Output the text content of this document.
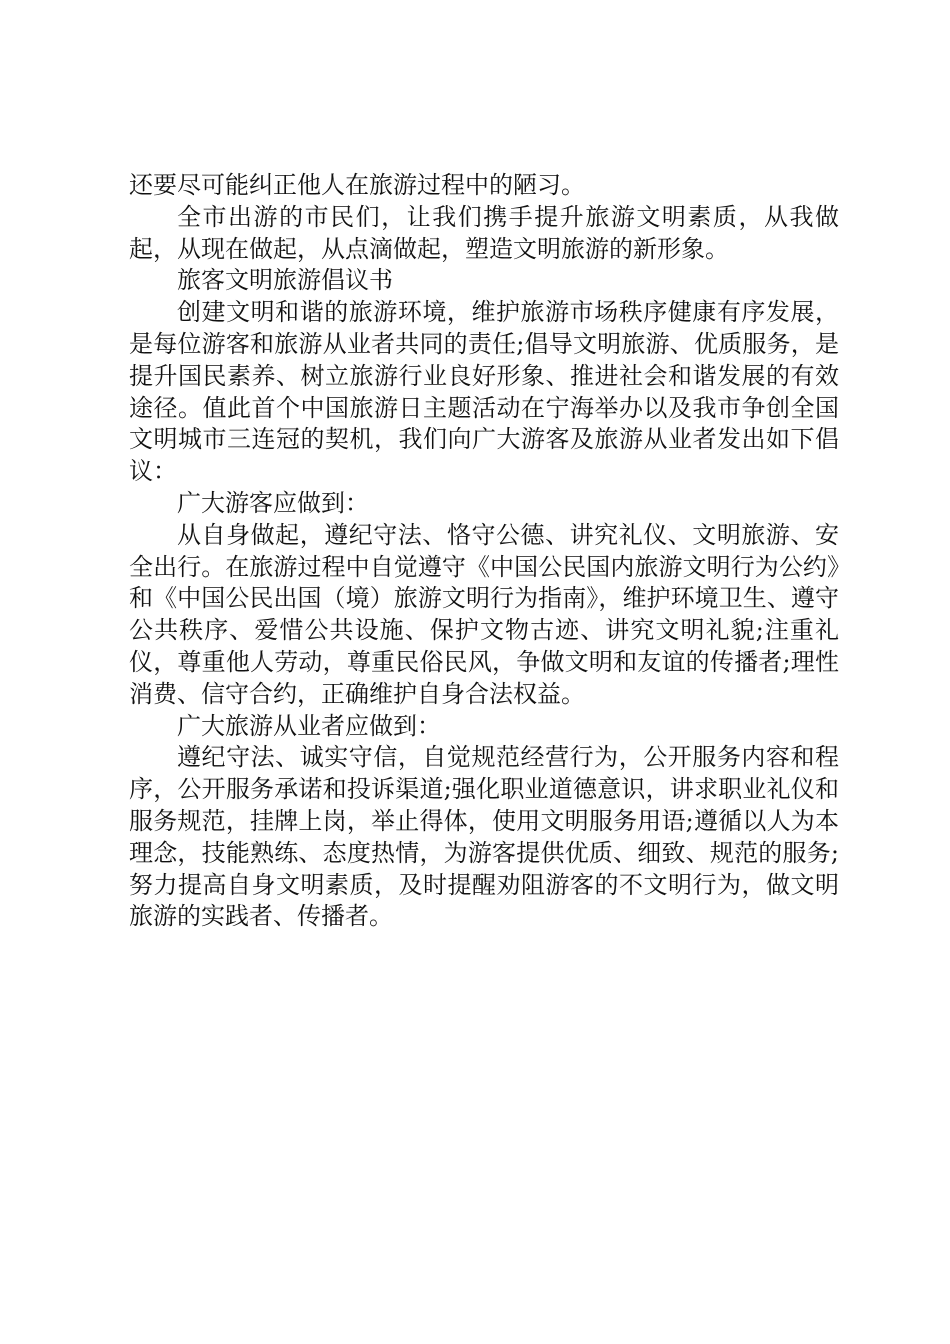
还要尽可能纠正他人在旅游过程中的陋习。

全市出游的市民们，让我们携手提升旅游文明素质，从我做起，从现在做起，从点滴做起，塑造文明旅游的新形象。

旅客文明旅游倡议书

创建文明和谐的旅游环境，维护旅游市场秩序健康有序发展，是每位游客和旅游从业者共同的责任;倡导文明旅游、优质服务，是提升国民素养、树立旅游行业良好形象、推进社会和谐发展的有效途径。值此首个中国旅游日主题活动在宁海举办以及我市争创全国文明城市三连冠的契机，我们向广大游客及旅游从业者发出如下倡议：

广大游客应做到：

从自身做起，遵纪守法、恪守公德、讲究礼仪、文明旅游、安全出行。在旅游过程中自觉遵守《中国公民国内旅游文明行为公约》和《中国公民出国（境）旅游文明行为指南》，维护环境卫生、遵守公共秩序、爱惜公共设施、保护文物古迹、讲究文明礼貌;注重礼仪，尊重他人劳动，尊重民俗民风，争做文明和友谊的传播者;理性消费、信守合约，正确维护自身合法权益。

广大旅游从业者应做到：

遵纪守法、诚实守信，自觉规范经营行为，公开服务内容和程序，公开服务承诺和投诉渠道;强化职业道德意识，讲求职业礼仪和服务规范，挂牌上岗，举止得体，使用文明服务用语;遵循以人为本理念，技能熟练、态度热情，为游客提供优质、细致、规范的服务;努力提高自身文明素质，及时提醒劝阻游客的不文明行为，做文明旅游的实践者、传播者。
